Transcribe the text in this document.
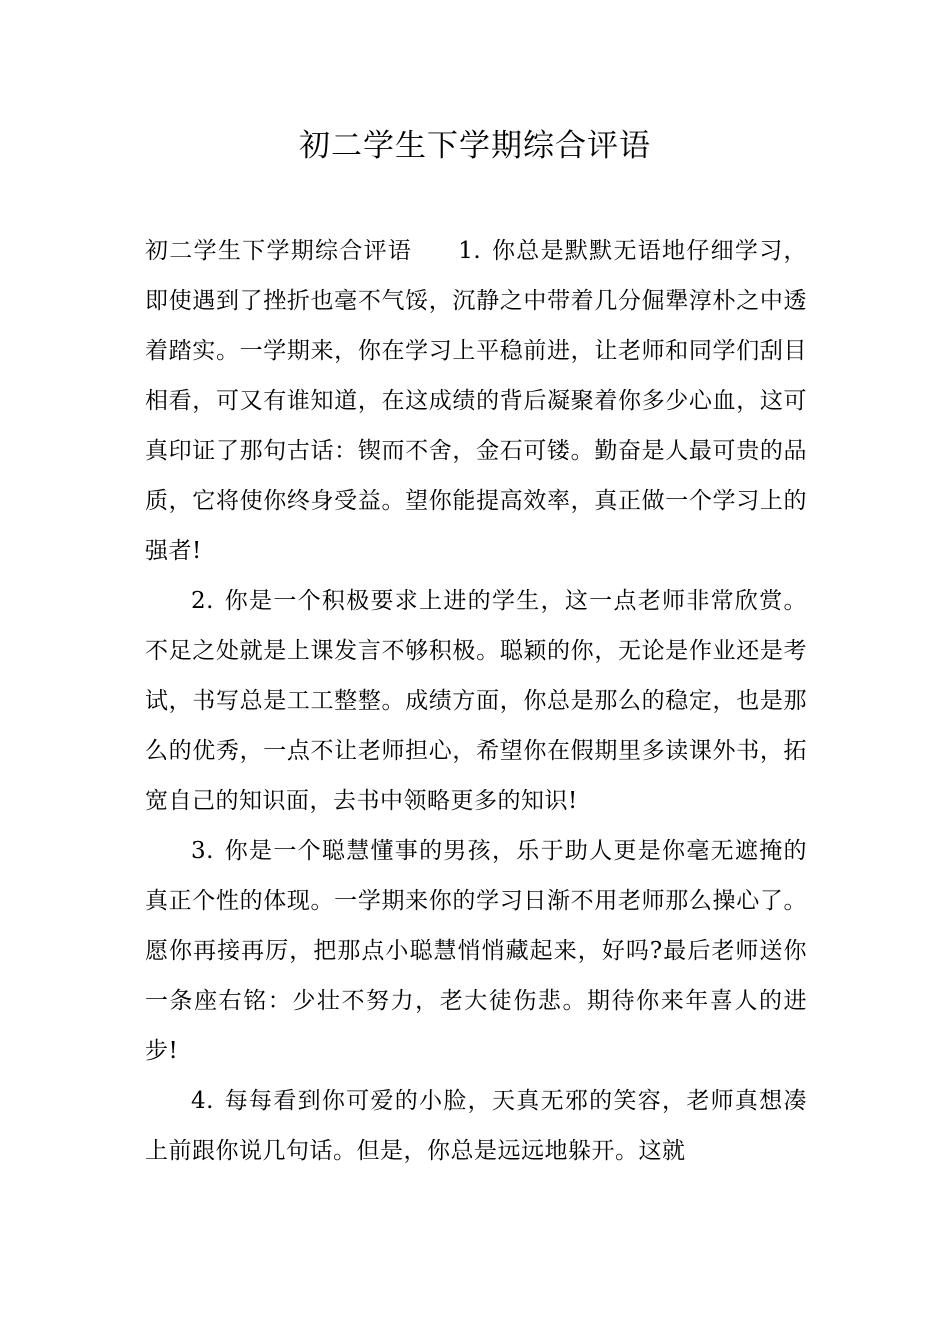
初二学生下学期综合评语

初二学生下学期综合评语 1. 你总是默默无语地仔细学习，即使遇到了挫折也毫不气馁，沉静之中带着几分倔犟淳朴之中透着踏实。一学期来，你在学习上平稳前进，让老师和同学们刮目相看，可又有谁知道，在这成绩的背后凝聚着你多少心血，这可真印证了那句古话：锲而不舍，金石可镂。勤奋是人最可贵的品质，它将使你终身受益。望你能提高效率，真正做一个学习上的强者!

2. 你是一个积极要求上进的学生，这一点老师非常欣赏。不足之处就是上课发言不够积极。聪颖的你，无论是作业还是考试，书写总是工工整整。成绩方面，你总是那么的稳定，也是那么的优秀，一点不让老师担心，希望你在假期里多读课外书，拓宽自己的知识面，去书中领略更多的知识!

3. 你是一个聪慧懂事的男孩，乐于助人更是你毫无遮掩的真正个性的体现。一学期来你的学习日渐不用老师那么操心了。愿你再接再厉，把那点小聪慧悄悄藏起来，好吗?最后老师送你一条座右铭：少壮不努力，老大徒伤悲。期待你来年喜人的进步!

4. 每每看到你可爱的小脸，天真无邪的笑容，老师真想凑上前跟你说几句话。但是，你总是远远地躲开。这就
